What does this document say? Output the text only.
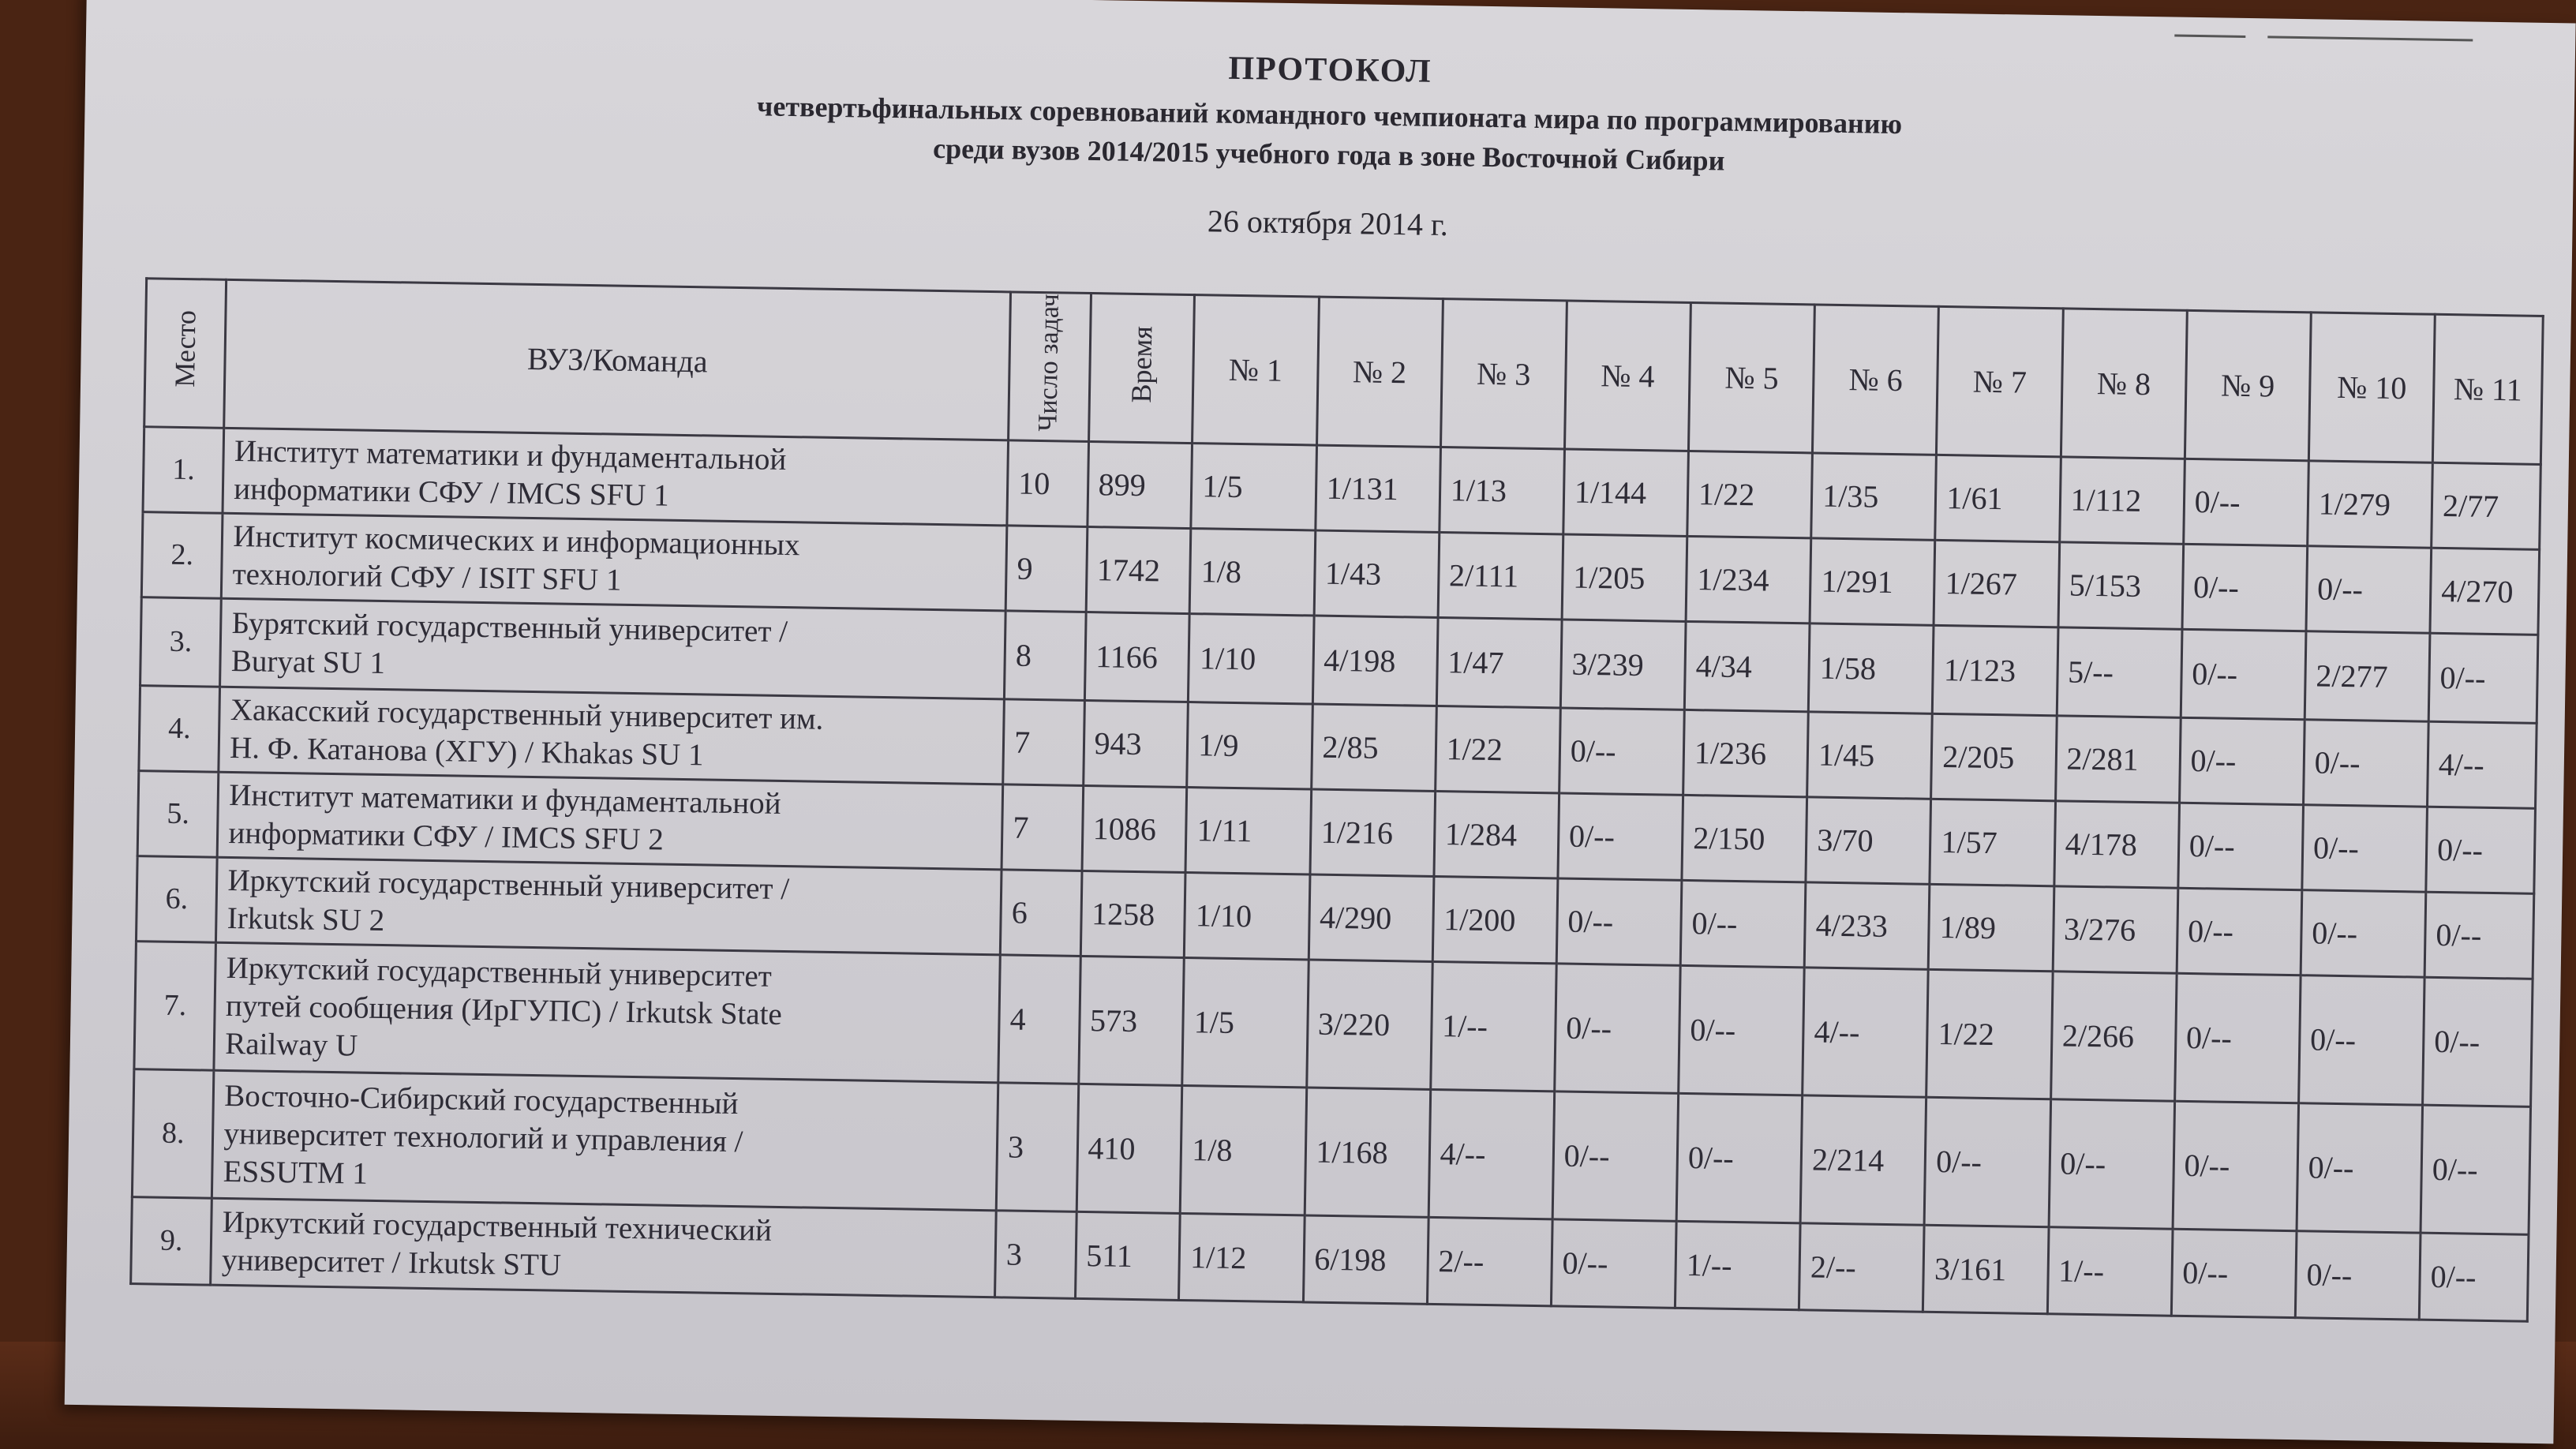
ПРОТОКОЛ

четвертьфинальных соревнований командного чемпионата мира по программированию
среди вузов 2014/2015 учебного года в зоне Восточной Сибири

26 октября 2014 г.
Место	ВУЗ/Команда	Число задач	Время	№ 1	№ 2	№ 3	№ 4	№ 5	№ 6	№ 7	№ 8	№ 9	№ 10	№ 11
1.	Институт математики и фундаментальной
информатики СФУ / IMCS SFU 1	10	899	1/5	1/131	1/13	1/144	1/22	1/35	1/61	1/112	0/--	1/279	2/77
2.	Институт космических и информационных
технологий СФУ / ISIT SFU 1	9	1742	1/8	1/43	2/111	1/205	1/234	1/291	1/267	5/153	0/--	0/--	4/270
3.	Бурятский государственный университет /
Buryat SU 1	8	1166	1/10	4/198	1/47	3/239	4/34	1/58	1/123	5/--	0/--	2/277	0/--
4.	Хакасский государственный университет им.
Н. Ф. Катанова (ХГУ) / Khakas SU 1	7	943	1/9	2/85	1/22	0/--	1/236	1/45	2/205	2/281	0/--	0/--	4/--
5.	Институт математики и фундаментальной
информатики СФУ / IMCS SFU 2	7	1086	1/11	1/216	1/284	0/--	2/150	3/70	1/57	4/178	0/--	0/--	0/--
6.	Иркутский государственный университет /
Irkutsk SU 2	6	1258	1/10	4/290	1/200	0/--	0/--	4/233	1/89	3/276	0/--	0/--	0/--
7.	Иркутский государственный университет
путей сообщения (ИрГУПС) / Irkutsk State
Railway U	4	573	1/5	3/220	1/--	0/--	0/--	4/--	1/22	2/266	0/--	0/--	0/--
8.	Восточно-Сибирский государственный
университет технологий и управления /
ESSUTM 1	3	410	1/8	1/168	4/--	0/--	0/--	2/214	0/--	0/--	0/--	0/--	0/--
9.	Иркутский государственный технический
университет / Irkutsk STU	3	511	1/12	6/198	2/--	0/--	1/--	2/--	3/161	1/--	0/--	0/--	0/--
